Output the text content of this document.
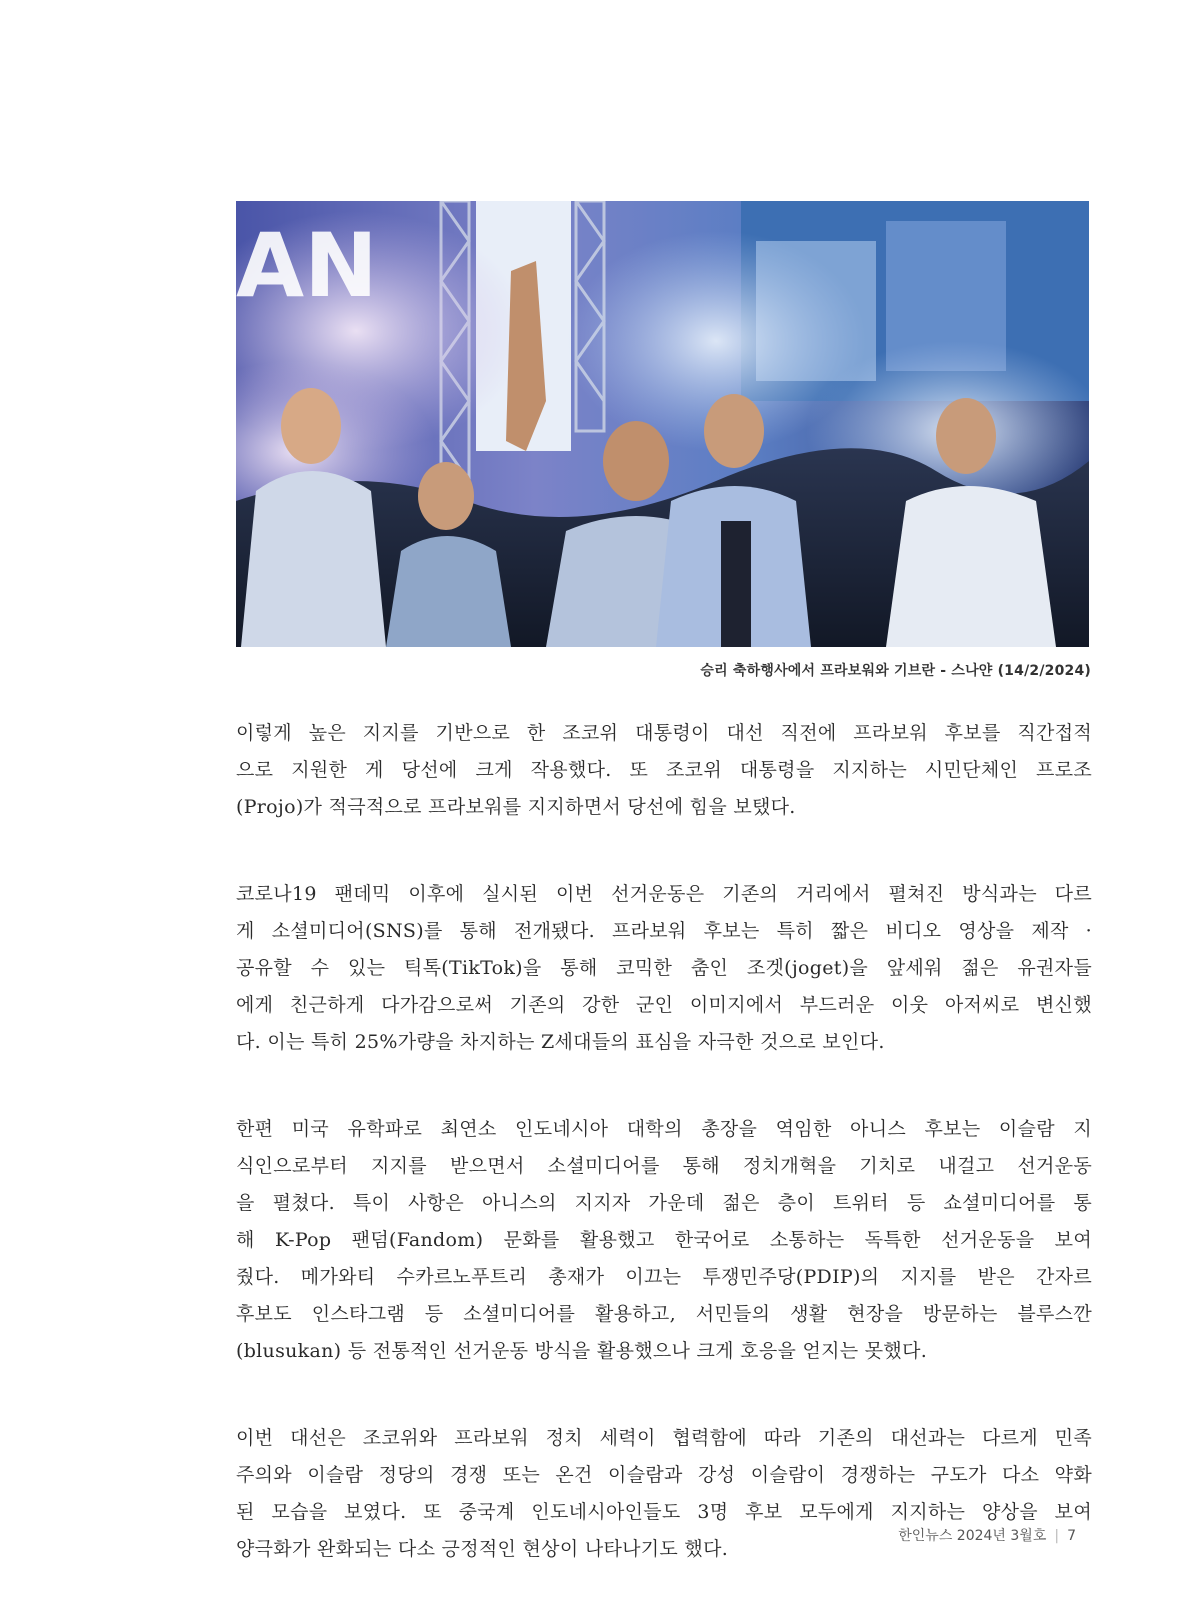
AN
승리 축하행사에서 프라보워와 기브란 - 스나얀 (14/2/2024)
이렇게 높은 지지를 기반으로 한 조코위 대통령이 대선 직전에 프라보워 후보를 직간접적
으로 지원한 게 당선에 크게 작용했다. 또 조코위 대통령을 지지하는 시민단체인 프로조
(Projo)가 적극적으로 프라보워를 지지하면서 당선에 힘을 보탰다.
코로나19 팬데믹 이후에 실시된 이번 선거운동은 기존의 거리에서 펼쳐진 방식과는 다르
게 소셜미디어(SNS)를 통해 전개됐다. 프라보워 후보는 특히 짧은 비디오 영상을 제작 ·
공유할 수 있는 틱톡(TikTok)을 통해 코믹한 춤인 조겟(joget)을 앞세워 젊은 유권자들
에게 친근하게 다가감으로써 기존의 강한 군인 이미지에서 부드러운 이웃 아저씨로 변신했
다. 이는 특히 25%가량을 차지하는 Z세대들의 표심을 자극한 것으로 보인다.
한편 미국 유학파로 최연소 인도네시아 대학의 총장을 역임한 아니스 후보는 이슬람 지
식인으로부터 지지를 받으면서 소셜미디어를 통해 정치개혁을 기치로 내걸고 선거운동
을 펼쳤다. 특이 사항은 아니스의 지지자 가운데 젊은 층이 트위터 등 쇼셜미디어를 통
해 K-Pop 팬덤(Fandom) 문화를 활용했고 한국어로 소통하는 독특한 선거운동을 보여
줬다. 메가와티 수카르노푸트리 총재가 이끄는 투쟁민주당(PDIP)의 지지를 받은 간자르
후보도 인스타그램 등 소셜미디어를 활용하고, 서민들의 생활 현장을 방문하는 블루스깐
(blusukan) 등 전통적인 선거운동 방식을 활용했으나 크게 호응을 얻지는 못했다.
이번 대선은 조코위와 프라보워 정치 세력이 협력함에 따라 기존의 대선과는 다르게 민족
주의와 이슬람 정당의 경쟁 또는 온건 이슬람과 강성 이슬람이 경쟁하는 구도가 다소 약화
된 모습을 보였다. 또 중국계 인도네시아인들도 3명 후보 모두에게 지지하는 양상을 보여
양극화가 완화되는 다소 긍정적인 현상이 나타나기도 했다.
한인뉴스 2024년 3월호 | 7
